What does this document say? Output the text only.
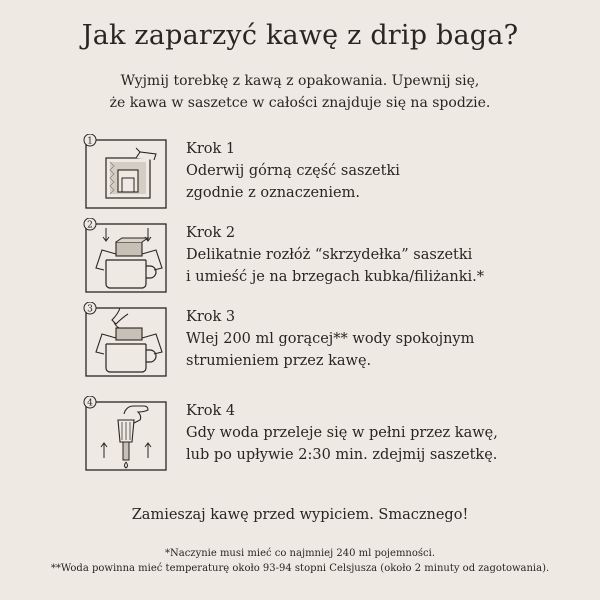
Jak zaparzyć kawę z drip baga?
Wyjmij torebkę z kawą z opakowania. Upewnij się,
że kawa w saszetce w całości znajduje się na spodzie.
1	Krok 1
Oderwij górną część saszetki
zgodnie z oznaczeniem.
2	Krok 2
Delikatnie rozłóż “skrzydełka” saszetki
i umieść je na brzegach kubka/filiżanki.*
3	Krok 3
Wlej 200 ml gorącej** wody spokojnym
strumieniem przez kawę.
4	Krok 4
Gdy woda przeleje się w pełni przez kawę,
lub po upływie 2:30 min. zdejmij saszetkę.
Zamieszaj kawę przed wypiciem. Smacznego!
*Naczynie musi mieć co najmniej 240 ml pojemności.
**Woda powinna mieć temperaturę około 93-94 stopni Celsjusza (około 2 minuty od zagotowania).
